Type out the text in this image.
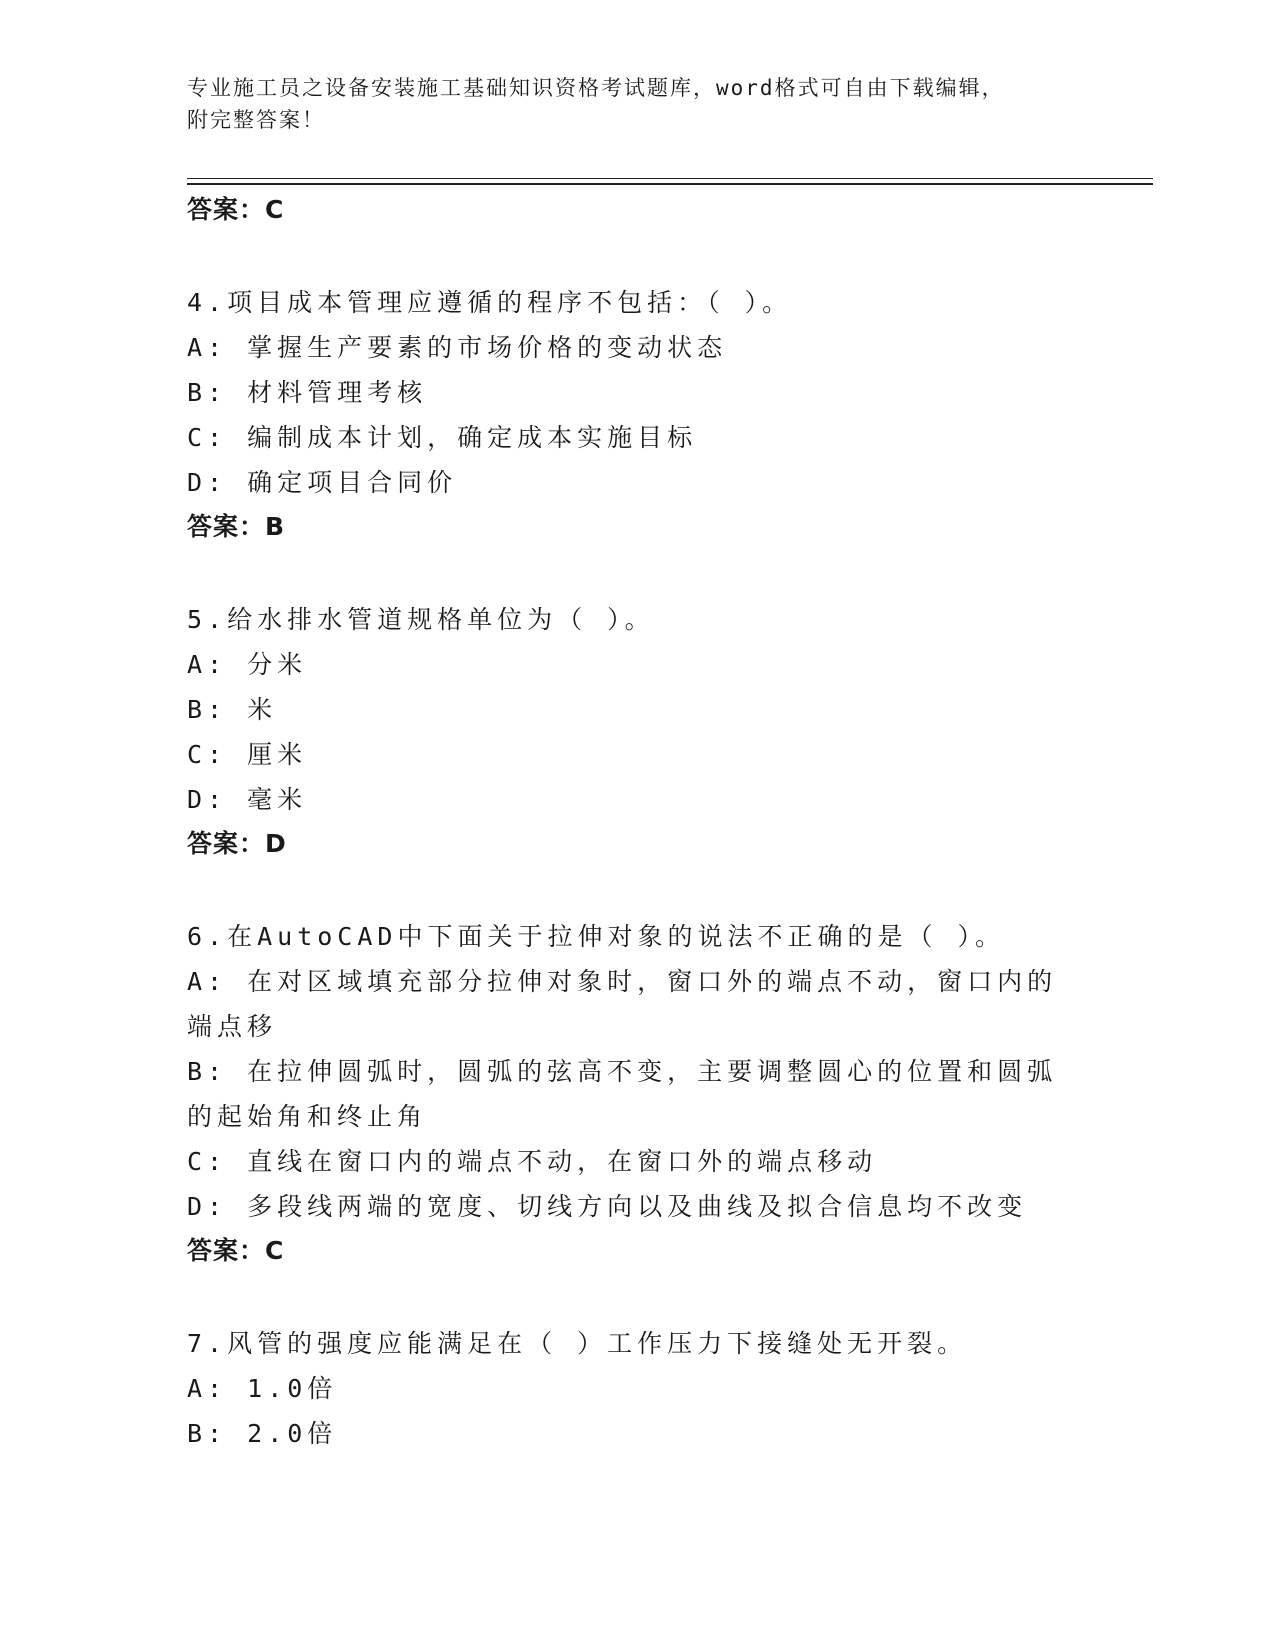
专业施工员之设备安装施工基础知识资格考试题库，word格式可自由下载编辑，
附完整答案！
答案：C

4.项目成本管理应遵循的程序不包括：（ ）。

A: 掌握生产要素的市场价格的变动状态

B: 材料管理考核

C: 编制成本计划，确定成本实施目标

D: 确定项目合同价

答案：B

5.给水排水管道规格单位为（ ）。

A: 分米

B: 米

C: 厘米

D: 毫米

答案：D

6.在AutoCAD中下面关于拉伸对象的说法不正确的是（ ）。

A: 在对区域填充部分拉伸对象时，窗口外的端点不动，窗口内的端点移

B: 在拉伸圆弧时，圆弧的弦高不变，主要调整圆心的位置和圆弧的起始角和终止角

C: 直线在窗口内的端点不动，在窗口外的端点移动

D: 多段线两端的宽度、切线方向以及曲线及拟合信息均不改变

答案：C

7.风管的强度应能满足在（ ）工作压力下接缝处无开裂。

A: 1.0倍

B: 2.0倍
